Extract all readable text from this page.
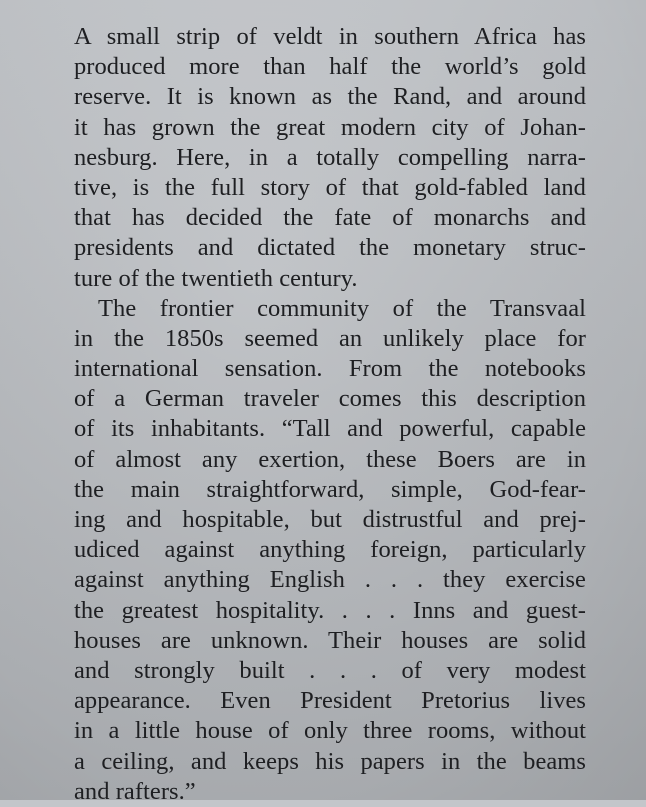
A small strip of veldt in southern Africa has
produced more than half the world’s gold
reserve. It is known as the Rand, and around
it has grown the great modern city of Johan-
nesburg. Here, in a totally compelling narra-
tive, is the full story of that gold-fabled land
that has decided the fate of monarchs and
presidents and dictated the monetary struc-
ture of the twentieth century.
The frontier community of the Transvaal
in the 1850s seemed an unlikely place for
international sensation. From the notebooks
of a German traveler comes this description
of its inhabitants. “Tall and powerful, capable
of almost any exertion, these Boers are in
the main straightforward, simple, God-fear-
ing and hospitable, but distrustful and prej-
udiced against anything foreign, particularly
against anything English . . . they exercise
the greatest hospitality. . . . Inns and guest-
houses are unknown. Their houses are solid
and strongly built . . . of very modest
appearance. Even President Pretorius lives
in a little house of only three rooms, without
a ceiling, and keeps his papers in the beams
and rafters.”
